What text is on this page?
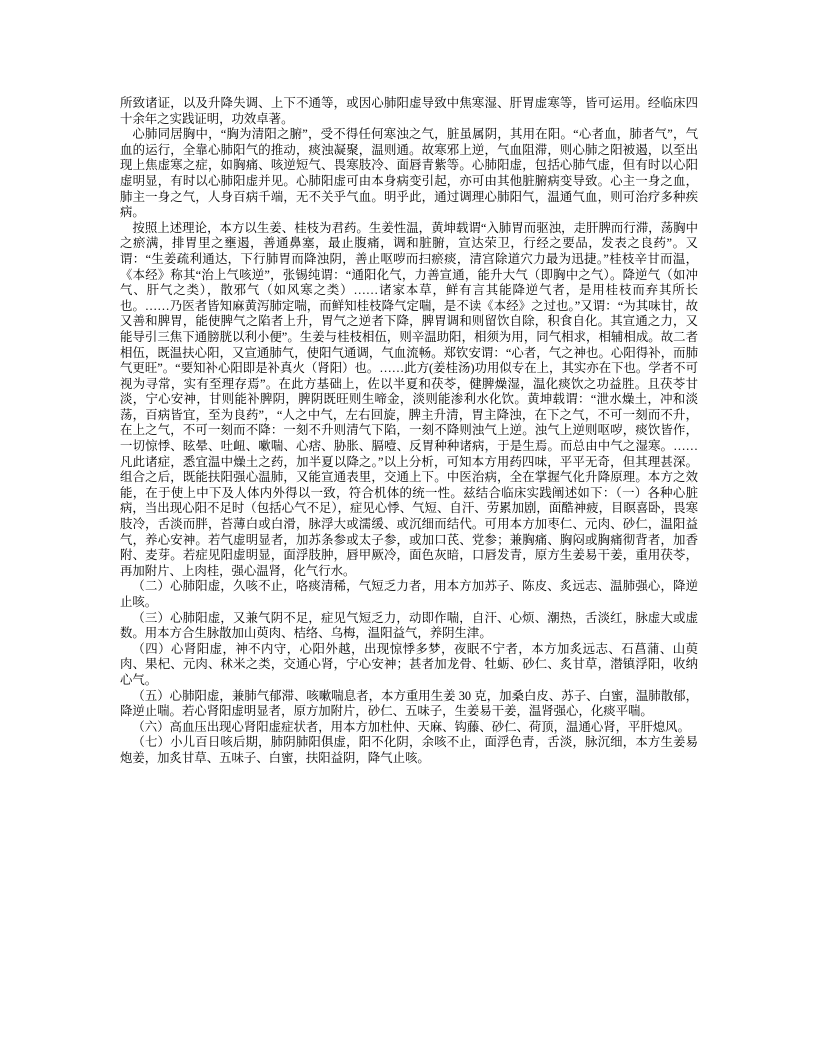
所致诸证，以及升降失调、上下不通等，或因心肺阳虚导致中焦寒湿、肝胃虚寒等，皆可运用。经临床四十余年之实践证明，功效卓著。

心肺同居胸中，“胸为清阳之腑”，受不得任何寒浊之气，脏虽属阴，其用在阳。“心者血，肺者气”，气血的运行，全靠心肺阳气的推动，痰浊凝聚，温则通。故寒邪上逆，气血阻滞，则心肺之阳被遏，以至出现上焦虚寒之症，如胸痛、咳逆短气、畏寒肢冷、面唇青紫等。心肺阳虚，包括心肺气虚，但有时以心阳虚明显，有时以心肺阳虚并见。心肺阳虚可由本身病变引起，亦可由其他脏腑病变导致。心主一身之血，肺主一身之气，人身百病千端，无不关乎气血。明乎此，通过调理心肺阳气，温通气血，则可治疗多种疾病。

按照上述理论，本方以生姜、桂枝为君药。生姜性温，黄坤载谓“入肺胃而驱浊，走肝脾而行滞，荡胸中之瘀满，排胃里之壅遏，善通鼻塞，最止腹痛，调和脏腑，宣达荣卫，行经之要品，发表之良药”。又谓：“生姜疏利通达，下行肺胃而降浊阴，善止呕哕而扫瘀痰，清宫除道穴力最为迅捷。”桂枝辛甘而温，《本经》称其“治上气咳逆”，张锡纯谓：“通阳化气，力善宣通，能升大气（即胸中之气）。降逆气（如冲气、肝气之类），散邪气（如风寒之类）……诸家本草，鲜有言其能降逆气者，是用桂枝而弃其所长也。……乃医者皆知麻黄泻肺定喘，而鲜知桂枝降气定喘，是不读《本经》之过也。”又谓：“为其味甘，故又善和脾胃，能使脾气之陷者上升，胃气之逆者下降，脾胃调和则留饮自除，积食自化。其宣通之力，又能导引三焦下通膀胱以利小便”。生姜与桂枝相伍，则辛温助阳，相须为用，同气相求，相辅相成。故二者相伍，既温扶心阳，又宣通肺气，使阳气通调，气血流畅。郑钦安谓：“心者，气之神也。心阳得补，而肺气更旺”。“要知补心阳即是补真火（肾阳）也。……此方(姜桂汤)功用似专在上，其实亦在下也。学者不可视为寻常，实有至理存焉”。在此方基础上，佐以半夏和茯苓，健脾燥湿，温化痰饮之功益胜。且茯苓甘淡，宁心安神，甘则能补脾阴，脾阴既旺则生啼金，淡则能渗利水化饮。黄坤载谓：“泄水燥土，冲和淡荡，百病皆宜，至为良药”，“人之中气，左右回旋，脾主升清，胃主降浊，在下之气，不可一刻而不升，在上之气，不可一刻而不降：一刻不升则清气下陷，一刻不降则浊气上逆。浊气上逆则呕哕，痰饮皆作，一切惊悸、眩晕、吐衄、嗽喘、心痞、胁胀、膈噎、反胃种种诸病，于是生焉。而总由中气之湿寒。……凡此诸症，悉宜温中燥土之药，加半夏以降之。”以上分析，可知本方用药四味，平平无奇，但其理甚深。组合之后，既能扶阳强心温肺，又能宣通表里，交通上下。中医治病，全在掌握气化升降原理。本方之效能，在于使上中下及人体内外得以一致，符合机体的统一性。兹结合临床实践阐述如下：（一）各种心脏病，当出现心阳不足时（包括心气不足），症见心悸、气短、自汗、劳累加剧，面酷神疲，目瞑喜卧，畏寒肢冷，舌淡而胖，苔薄白或白滑，脉浮大或濡缓、或沉细而结代。可用本方加枣仁、元肉、砂仁，温阳益气，养心安神。若气虚明显者，加苏条参或太子参，或加口芪、党参；兼胸痛、胸闷或胸痛彻背者，加香附、麦芽。若症见阳虚明显，面浮肢肿，唇甲厥冷，面色灰暗，口唇发青，原方生姜易干姜，重用茯苓，再加附片、上肉桂，强心温肾，化气行水。

（二）心肺阳虚，久咳不止，咯痰清稀，气短乏力者，用本方加苏子、陈皮、炙远志、温肺强心，降逆止咳。

（三）心肺阳虚，又兼气阴不足，症见气短乏力，动即作喘，自汗、心烦、潮热，舌淡红，脉虚大或虚数。用本方合生脉散加山萸肉、桔络、乌梅，温阳益气，养阴生津。

（四）心肾阳虚，神不内守，心阳外越，出现惊悸多梦，夜眠不宁者，本方加炙远志、石菖蒲、山萸肉、果杞、元肉、秫米之类，交通心肾，宁心安神；甚者加龙骨、牡蛎、砂仁、炙甘草，潜镇浮阳，收纳心气。

（五）心肺阳虚，兼肺气郁滞、咳嗽喘息者，本方重用生姜 30 克，加桑白皮、苏子、白蜜，温肺散郁，降逆止喘。若心肾阳虚明显者，原方加附片，砂仁、五味子，生姜易干姜，温肾强心，化痰平喘。

（六）高血压出现心肾阳虚症状者，用本方加杜仲、天麻、钩藤、砂仁、荷顶，温通心肾，平肝熄风。

（七）小儿百日咳后期，肺阴肺阳俱虚，阳不化阴，余咳不止，面浮色青，舌淡，脉沉细，本方生姜易炮姜，加炙甘草、五味子、白蜜，扶阳益阴，降气止咳。
